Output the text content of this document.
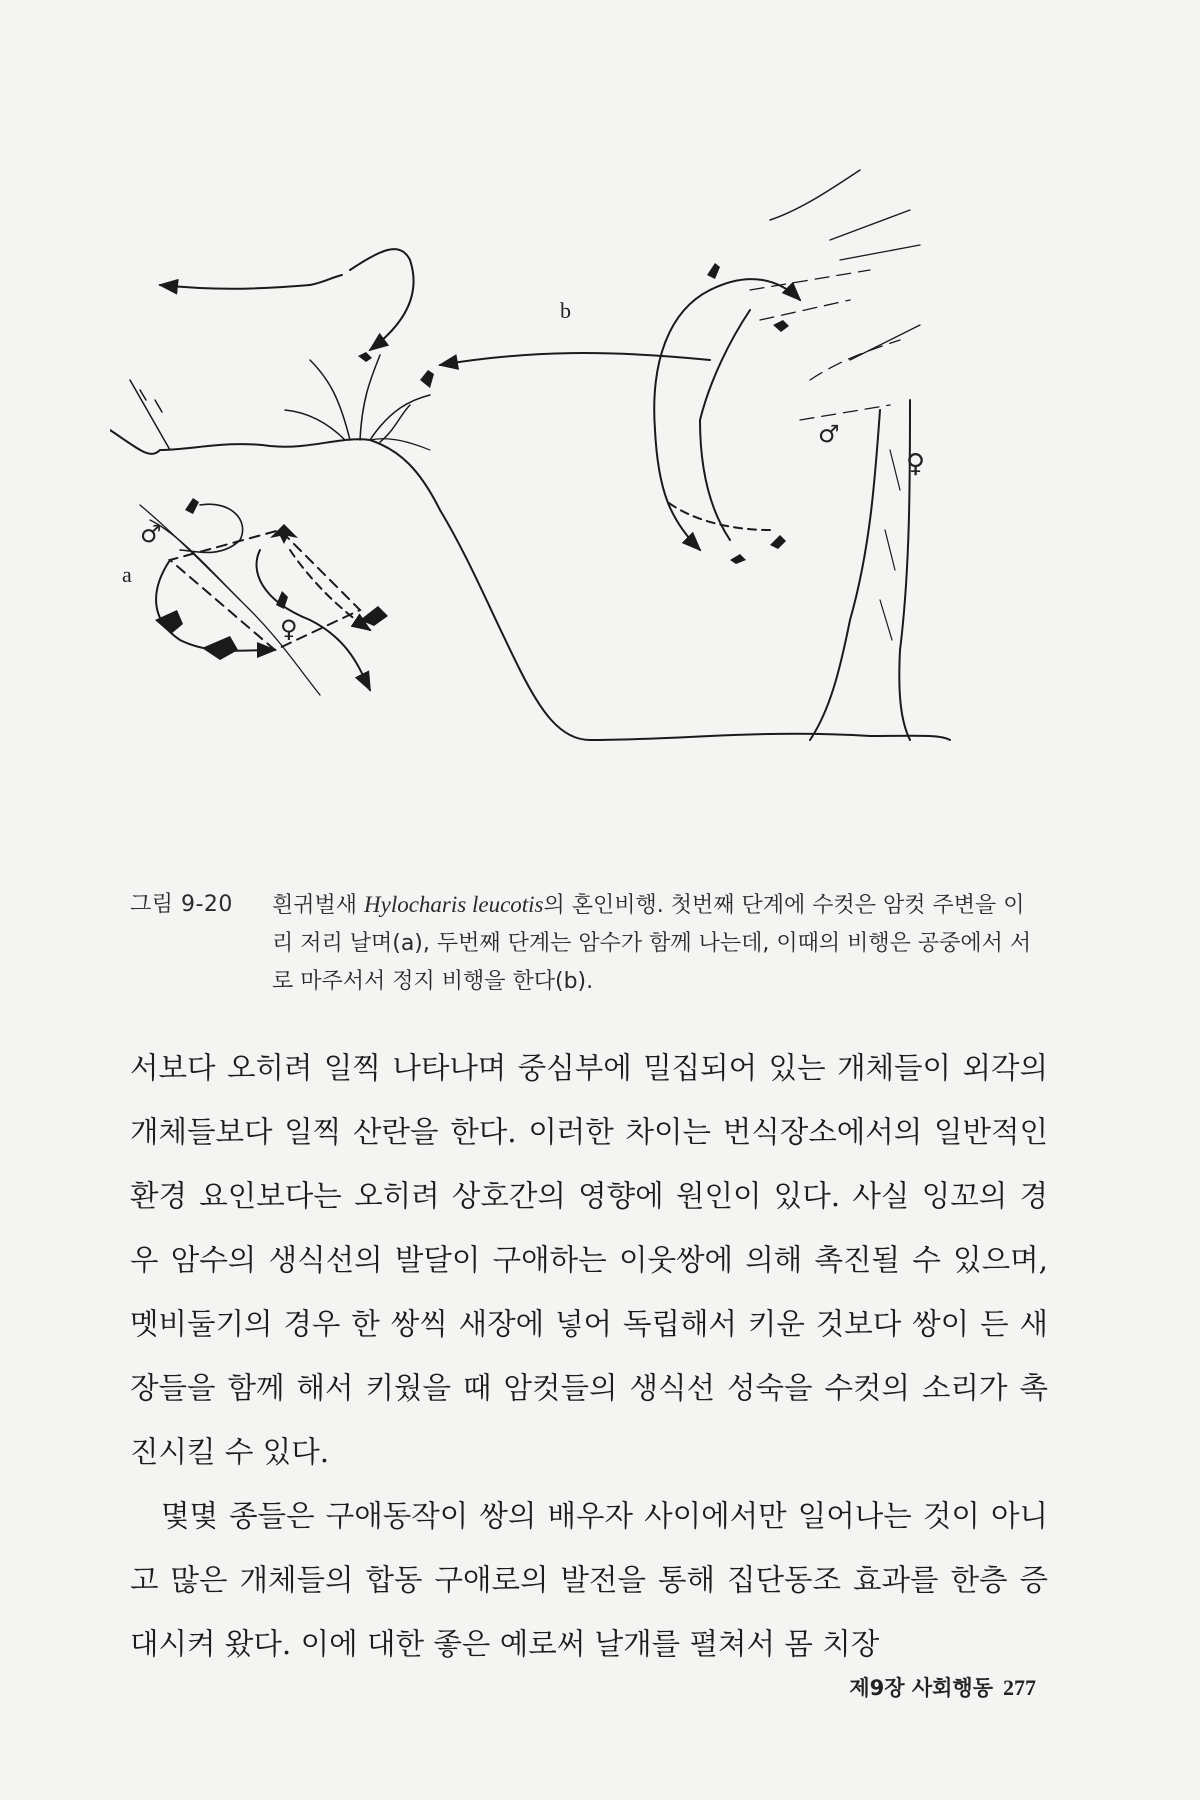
a
b
♂
♀
♂
♀
그림 9-20	흰귀벌새 Hylocharis leucotis의 혼인비행. 첫번째 단계에 수컷은 암컷 주변을 이리 저리 날며(a), 두번째 단계는 암수가 함께 나는데, 이때의 비행은 공중에서 서로 마주서서 정지 비행을 한다(b).

서보다 오히려 일찍 나타나며 중심부에 밀집되어 있는 개체들이 외각의 개체들보다 일찍 산란을 한다. 이러한 차이는 번식장소에서의 일반적인 환경 요인보다는 오히려 상호간의 영향에 원인이 있다. 사실 잉꼬의 경우 암수의 생식선의 발달이 구애하는 이웃쌍에 의해 촉진될 수 있으며, 멧비둘기의 경우 한 쌍씩 새장에 넣어 독립해서 키운 것보다 쌍이 든 새장들을 함께 해서 키웠을 때 암컷들의 생식선 성숙을 수컷의 소리가 촉진시킬 수 있다.

몇몇 종들은 구애동작이 쌍의 배우자 사이에서만 일어나는 것이 아니고 많은 개체들의 합동 구애로의 발전을 통해 집단동조 효과를 한층 증대시켜 왔다. 이에 대한 좋은 예로써 날개를 펼쳐서 몸 치장

제9장 사회행동 277
